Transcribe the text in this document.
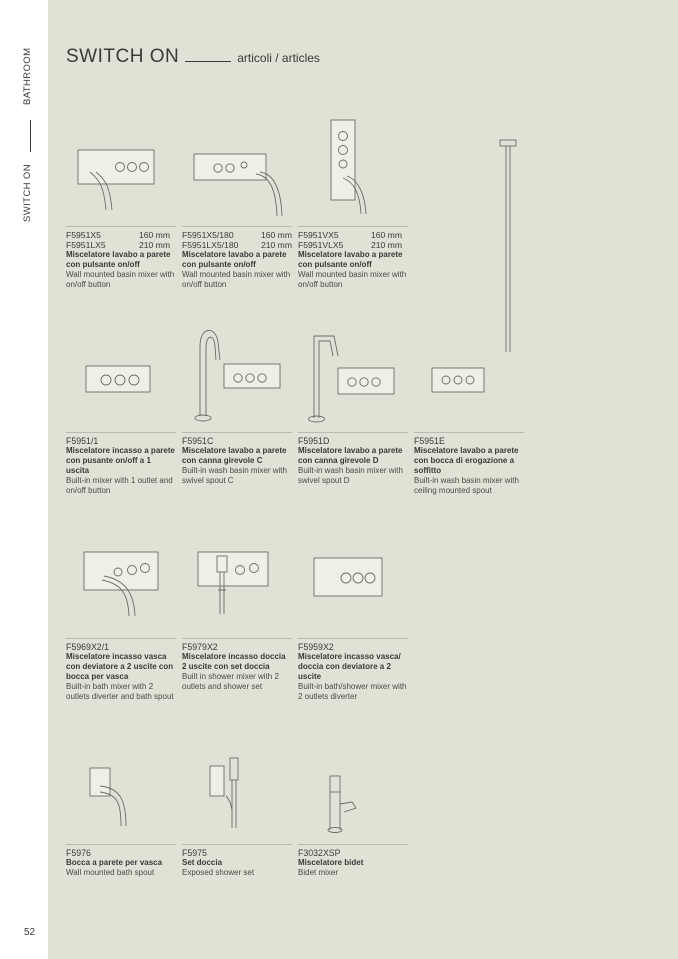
BATHROOM
SWITCH ON
52
SWITCH ON	articoli / articles
F5951X5	160 mm
F5951LX5	210 mm
Miscelatore lavabo a parete con pulsante on/off
Wall mounted basin mixer with on/off button
F5951X5/180	160 mm
F5951LX5/180	210 mm
Miscelatore lavabo a parete con pulsante on/off
Wall mounted basin mixer with on/off button
F5951VX5	160 mm
F5951VLX5	210 mm
Miscelatore lavabo a parete con pulsante on/off
Wall mounted basin mixer with on/off button
F5951/1
Miscelatore incasso a parete con pusante on/off a 1 uscita
Built-in mixer with 1 outlet and on/off button
F5951C
Miscelatore lavabo a parete con canna girevole C
Built-in wash basin mixer with swivel spout C
F5951D
Miscelatore lavabo a parete con canna girevole D
Built-in wash basin mixer with swivel spout D
F5951E
Miscelatore lavabo a parete con bocca di erogazione a soffitto
Built-in wash basin mixer with ceiling mounted spout
F5969X2/1
Miscelatore incasso vasca con deviatore a 2 uscite con bocca per vasca
Built-in bath mixer with 2 outlets diverter and bath spout
F5979X2
Miscelatore incasso doccia 2 uscite con set doccia
Built in shower mixer with 2 outlets and shower set
F5959X2
Miscelatore incasso vasca/ doccia con deviatore a 2 uscite
Built-in bath/shower mixer with 2 outlets diverter
F5976
Bocca a parete per vasca
Wall mounted bath spout
F5975
Set doccia
Exposed shower set
F3032XSP
Miscelatore bidet
Bidet mixer
